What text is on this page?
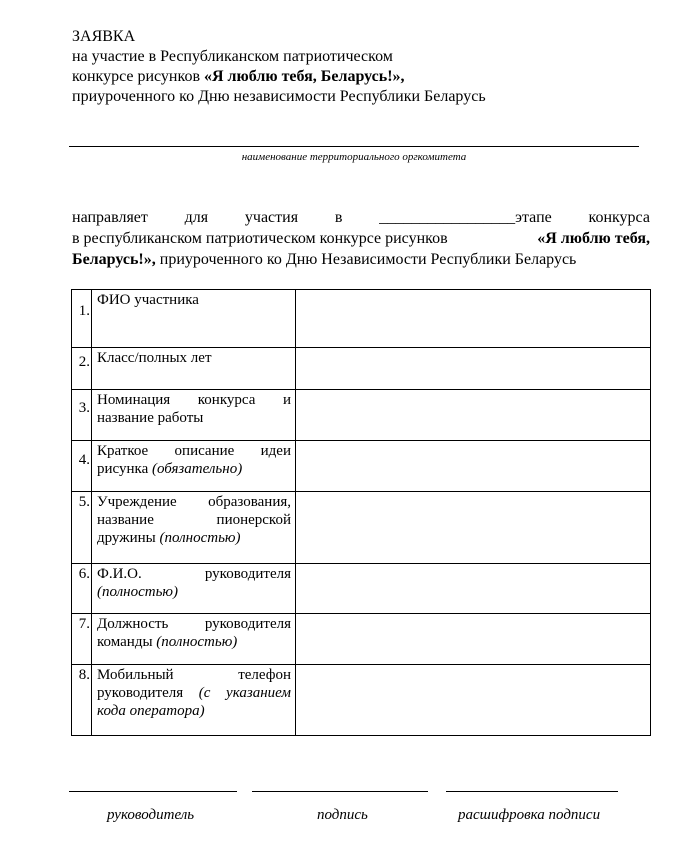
ЗАЯВКА
на участие в Республиканском патриотическом
конкурсе рисунков «Я люблю тебя, Беларусь!»,
приуроченного ко Дню независимости Республики Беларусь
наименование территориального оргкомитета
направляет для участия в _________________этапе конкурса
в республиканском патриотическом конкурсе рисунков	«Я люблю тебя,
Беларусь!», приуроченного ко Дню Независимости Республики Беларусь
1.	ФИО участника	

2.	Класс/полных лет	

3.	Номинация конкурса и название работы	

4.	Краткое описание идеи рисунка (обязательно)	

5.	Учреждение образования, название пионерской дружины (полностью)	

6.	Ф.И.О. руководителя (полностью)	

7.	Должность руководителя команды (полностью)	

8.	Мобильный телефон руководителя (с указанием кода оператора)	
руководитель	подпись	расшифровка подписи
